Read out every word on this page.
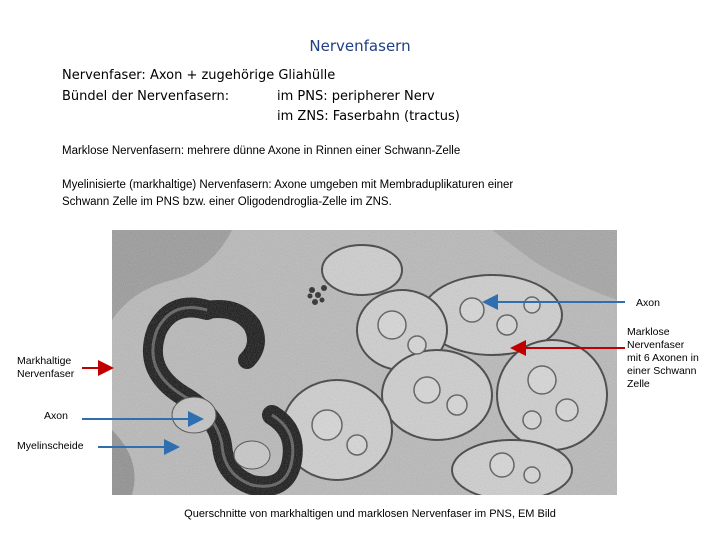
Nervenfasern
Nervenfaser: Axon + zugehörige Gliahülle
Bündel der Nervenfasern:	im PNS: peripherer Nerv
im ZNS: Faserbahn (tractus)
Marklose Nervenfasern: mehrere dünne Axone in Rinnen einer Schwann-Zelle
Myelinisierte (markhaltige) Nervenfasern: Axone umgeben mit Membraduplikaturen einer
Schwann Zelle im PNS bzw. einer Oligodendroglia-Zelle im ZNS.
Axon
Marklose
Nervenfaser
mit 6 Axonen in
einer Schwann
Zelle
Markhaltige
Nervenfaser
Axon
Myelinscheide
Querschnitte von markhaltigen und marklosen Nervenfaser im PNS, EM Bild
